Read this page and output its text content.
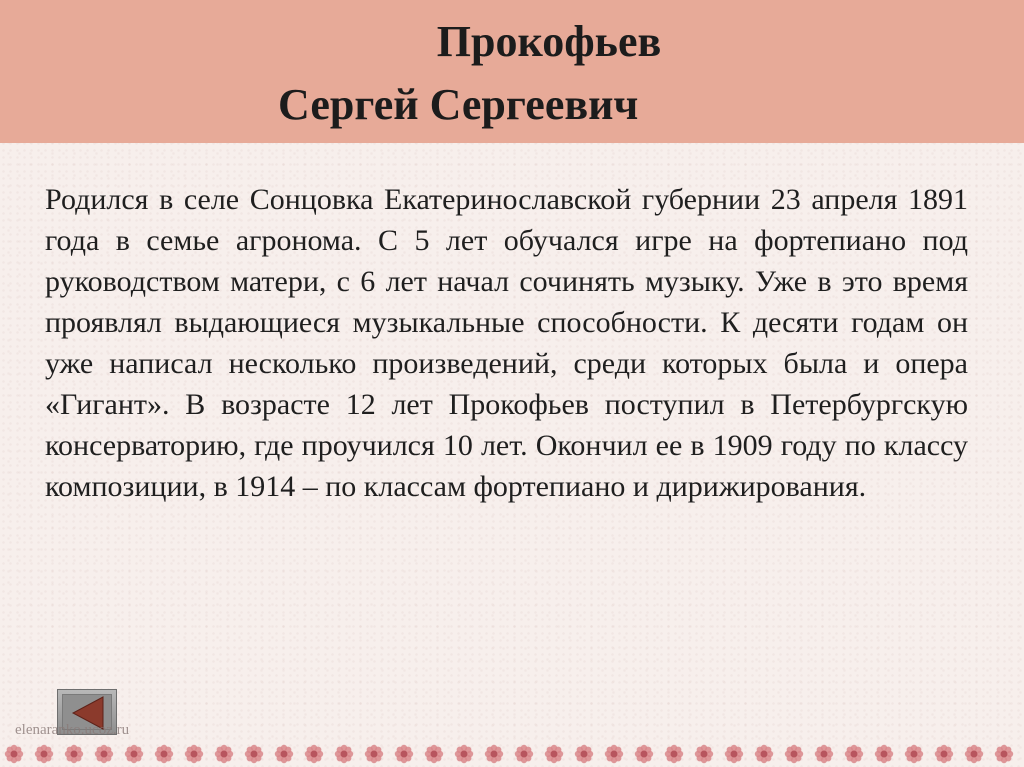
Прокофьев
Сергей Сергеевич

Родился в селе Сонцовка Екатеринославской губернии 23 апреля 1891 года в семье агронома. С 5 лет обучался игре на фортепиано под руководством матери, с 6 лет начал сочинять музыку. Уже в это время проявлял выдающиеся музыкальные способности. К десяти годам он уже написал несколько произведений, среди которых была и опера «Гигант». В возрасте 12 лет Прокофьев поступил в Петербургскую консерваторию, где проучился 10 лет. Окончил ее в 1909 году по классу композиции, в 1914 – по классам фортепиано и дирижирования.

elenaranko.ucoz.ru
